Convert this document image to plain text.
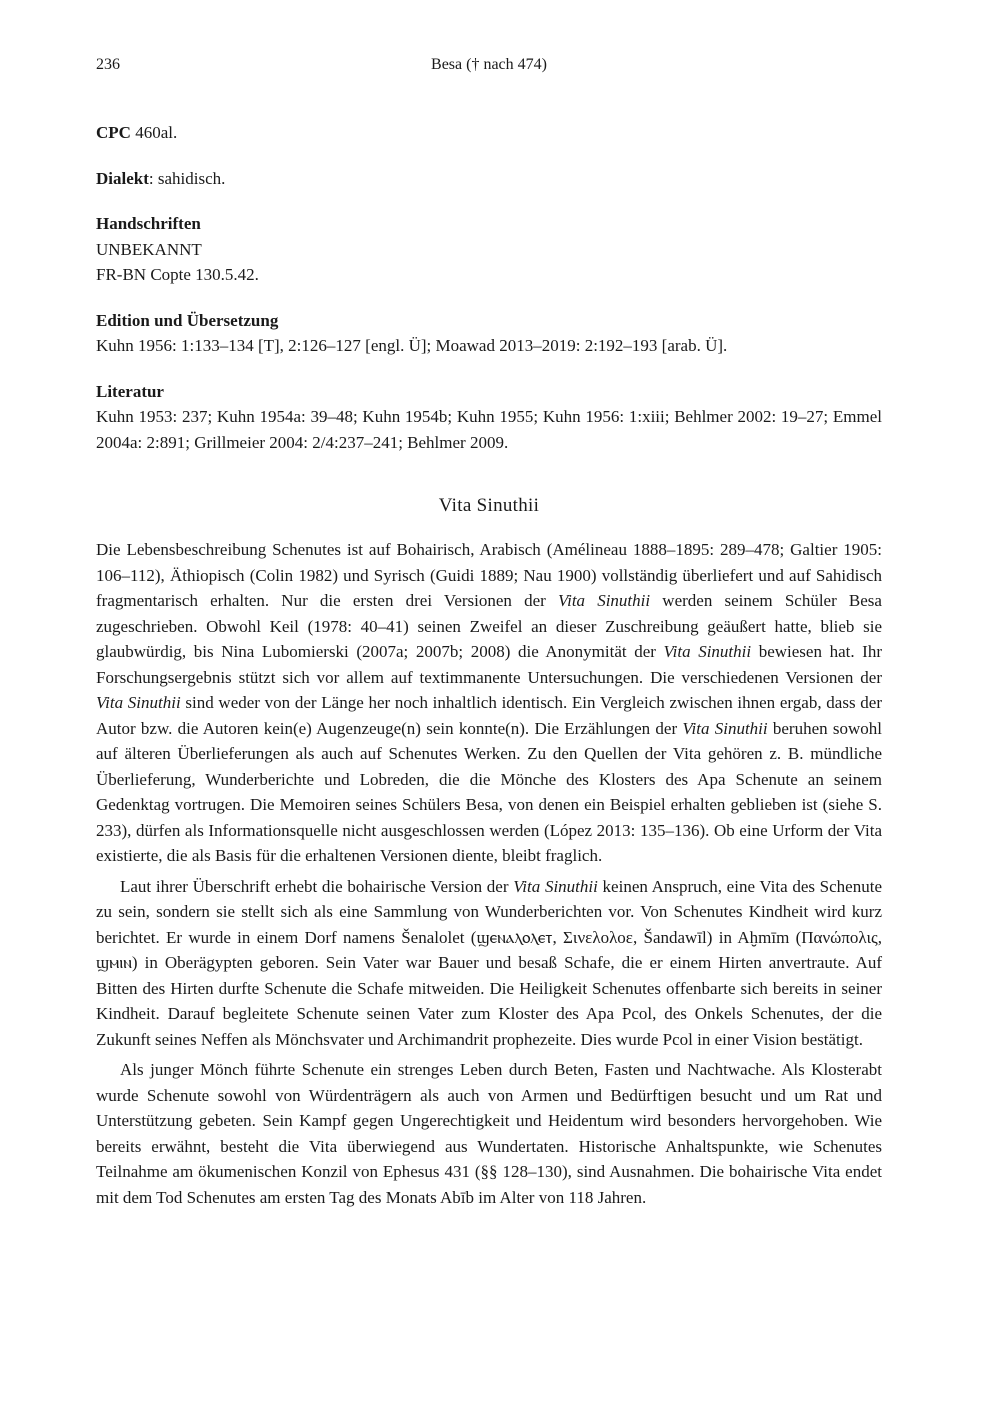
236	Besa († nach 474)

CPC 460al.

Dialekt: sahidisch.

Handschriften

UNBEKANNT

FR-BN Copte 130.5.42.

Edition und Übersetzung

Kuhn 1956: 1:133–134 [T], 2:126–127 [engl. Ü]; Moawad 2013–2019: 2:192–193 [arab. Ü].

Literatur

Kuhn 1953: 237; Kuhn 1954a: 39–48; Kuhn 1954b; Kuhn 1955; Kuhn 1956: 1:xiii; Behlmer 2002: 19–27; Emmel 2004a: 2:891; Grillmeier 2004: 2/4:237–241; Behlmer 2009.

Vita Sinuthii

Die Lebensbeschreibung Schenutes ist auf Bohairisch, Arabisch (Amélineau 1888–1895: 289–478; Galtier 1905: 106–112), Äthiopisch (Colin 1982) und Syrisch (Guidi 1889; Nau 1900) vollständig überliefert und auf Sahidisch fragmentarisch erhalten. Nur die ersten drei Versionen der Vita Sinuthii werden seinem Schüler Besa zugeschrieben. Obwohl Keil (1978: 40–41) seinen Zweifel an dieser Zuschreibung geäußert hatte, blieb sie glaubwürdig, bis Nina Lubomierski (2007a; 2007b; 2008) die Anonymität der Vita Sinuthii bewiesen hat. Ihr Forschungsergebnis stützt sich vor allem auf textimmanente Untersuchungen. Die verschiedenen Versionen der Vita Sinuthii sind weder von der Länge her noch inhaltlich identisch. Ein Vergleich zwischen ihnen ergab, dass der Autor bzw. die Autoren kein(e) Augenzeuge(n) sein konnte(n). Die Erzählungen der Vita Sinuthii beruhen sowohl auf älteren Überlieferungen als auch auf Schenutes Werken. Zu den Quellen der Vita gehören z. B. mündliche Überlieferung, Wunderberichte und Lobreden, die die Mönche des Klosters des Apa Schenute an seinem Gedenktag vortrugen. Die Memoiren seines Schülers Besa, von denen ein Beispiel erhalten geblieben ist (siehe S. 233), dürfen als Informationsquelle nicht ausgeschlossen werden (López 2013: 135–136). Ob eine Urform der Vita existierte, die als Basis für die erhaltenen Versionen diente, bleibt fraglich.

Laut ihrer Überschrift erhebt die bohairische Version der Vita Sinuthii keinen Anspruch, eine Vita des Schenute zu sein, sondern sie stellt sich als eine Sammlung von Wunderberichten vor. Von Schenutes Kindheit wird kurz berichtet. Er wurde in einem Dorf namens Šenalolet (ϣⲉⲛⲁⲗⲟⲗⲉⲧ, Σινελολοε, Šandawīl) in Aḫmīm (Πανώπολις, ϣⲙⲓⲛ) in Oberägypten geboren. Sein Vater war Bauer und besaß Schafe, die er einem Hirten anvertraute. Auf Bitten des Hirten durfte Schenute die Schafe mitweiden. Die Heiligkeit Schenutes offenbarte sich bereits in seiner Kindheit. Darauf begleitete Schenute seinen Vater zum Kloster des Apa Pcol, des Onkels Schenutes, der die Zukunft seines Neffen als Mönchsvater und Archimandrit prophezeite. Dies wurde Pcol in einer Vision bestätigt.

Als junger Mönch führte Schenute ein strenges Leben durch Beten, Fasten und Nachtwache. Als Klosterabt wurde Schenute sowohl von Würdenträgern als auch von Armen und Bedürftigen besucht und um Rat und Unterstützung gebeten. Sein Kampf gegen Ungerechtigkeit und Heidentum wird besonders hervorgehoben. Wie bereits erwähnt, besteht die Vita überwiegend aus Wundertaten. Historische Anhaltspunkte, wie Schenutes Teilnahme am ökumenischen Konzil von Ephesus 431 (§§ 128–130), sind Ausnahmen. Die bohairische Vita endet mit dem Tod Schenutes am ersten Tag des Monats Abīb im Alter von 118 Jahren.
